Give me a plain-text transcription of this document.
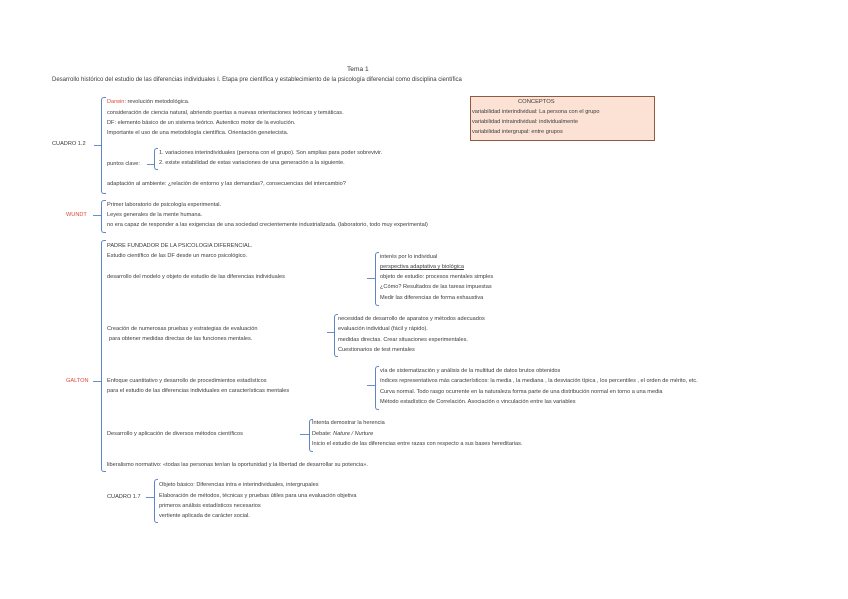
Tema 1
Desarrollo histórico del estudio de las diferencias individuales I. Etapa pre científica y establecimiento de la psicología diferencial como disciplina científica
CONCEPTOS
variabilidad interindividual: La persona con el grupo
variabilidad intraindividual: individualmente
variabilidad intergrupal: entre grupos
CUADRO 1.2
Darwin: revolución metodológica.
consideración de ciencia natural, abriendo puertas a nuevas orientaciones teóricas y temáticas.
DF: elemento básico de un sistema teórico. Autentico motor de la evolución.
Importante el uso de una metodología científica. Orientación genetecista.
puntos clave:
1. variaciones interindividuales (persona con el grupo). Son amplias para poder sobrevivir.
2. existe estabilidad de estas variaciones de una generación a la siguiente.
adaptación al ambiente: ¿relación de entorno y las demandas?, consecuencias del intercambio?
WUNDT
Primer laboratorio de psicología experimental.
Leyes generales de la mente humana.
no era capaz de responder a las exigencias de una sociedad crecientemente industrializada. (laboratorio, todo muy experimental)
GALTON
PADRE FUNDADOR DE LA PSICOLOGIA DIFERENCIAL.
Estudio científico de las DF desde un marco psicológico.
desarrollo del modelo y objeto de estudio de las diferencias individuales
interés por lo individual
perspectiva adaptativa y biológica
objeto de estudio: procesos mentales simples
¿Cómo? Resultados de las tareas impuestas
Medir las diferencias de forma exhaustiva
Creación de numerosas pruebas y estrategias de evaluación
para obtener medidas directas de las funciones mentales.
necesidad de desarrollo de aparatos y métodos adecuados
evaluación individual (fácil y rápido).
medidas directas. Crear situaciones experimentales.
Cuestionarios de test mentales
Enfoque cuantitativo y desarrollo de procedimientos estadísticos
para el estudio de las diferencias individuales en características mentales
vía de sistematización y análisis de la multitud de datos brutos obtenidos
índices representativos más característicos: la media , la mediana , la desviación típica , los percentiles , el orden de mérito, etc.
Curva normal. Todo rasgo ocurrente en la naturaleza forma parte de una distribución normal en torno a una media
Método estadístico de Correlación. Asociación o vinculación entre las variables
Desarrollo y aplicación de diversos métodos científicos
Intenta demostrar la herencia
Debate: Nature / Nurture
Inicio el estudio de las diferencias entre razas con respecto a sus bases hereditarias.
liberalismo normativo: «todas las personas tenían la oportunidad y la libertad de desarrollar su potencia».
CUADRO 1.7
Objeto básico: Diferencias intra e interindividuales, intergrupales
Elaboración de métodos, técnicas y pruebas útiles para una evaluación objetiva
primeros análisis estadísticos necesarios
vertiente aplicada de carácter social.
